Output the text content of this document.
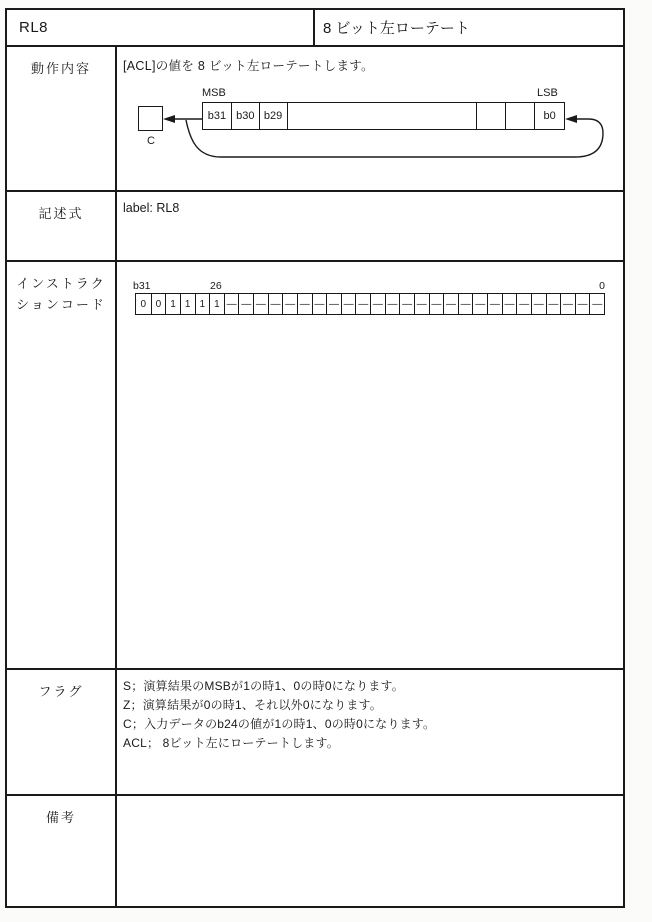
RL8	8 ビット左ローテート
動作内容	[ACL]の値を 8 ビット左ローテートします。
MSB	LSB
C
b31 b30 b29	b0
記述式	label: RL8
インストラク
ションコード
b31	26	0
0 0 1 1 1 1 — — — — — — — — — — — — — — — — — — — — — — — — — —
フラグ	S；演算結果のMSBが1の時1、0の時0になります。
Z；演算結果が0の時1、それ以外0になります。
C；入力データのb24の値が1の時1、0の時0になります。
ACL； 8ビット左にローテートします。
備考
